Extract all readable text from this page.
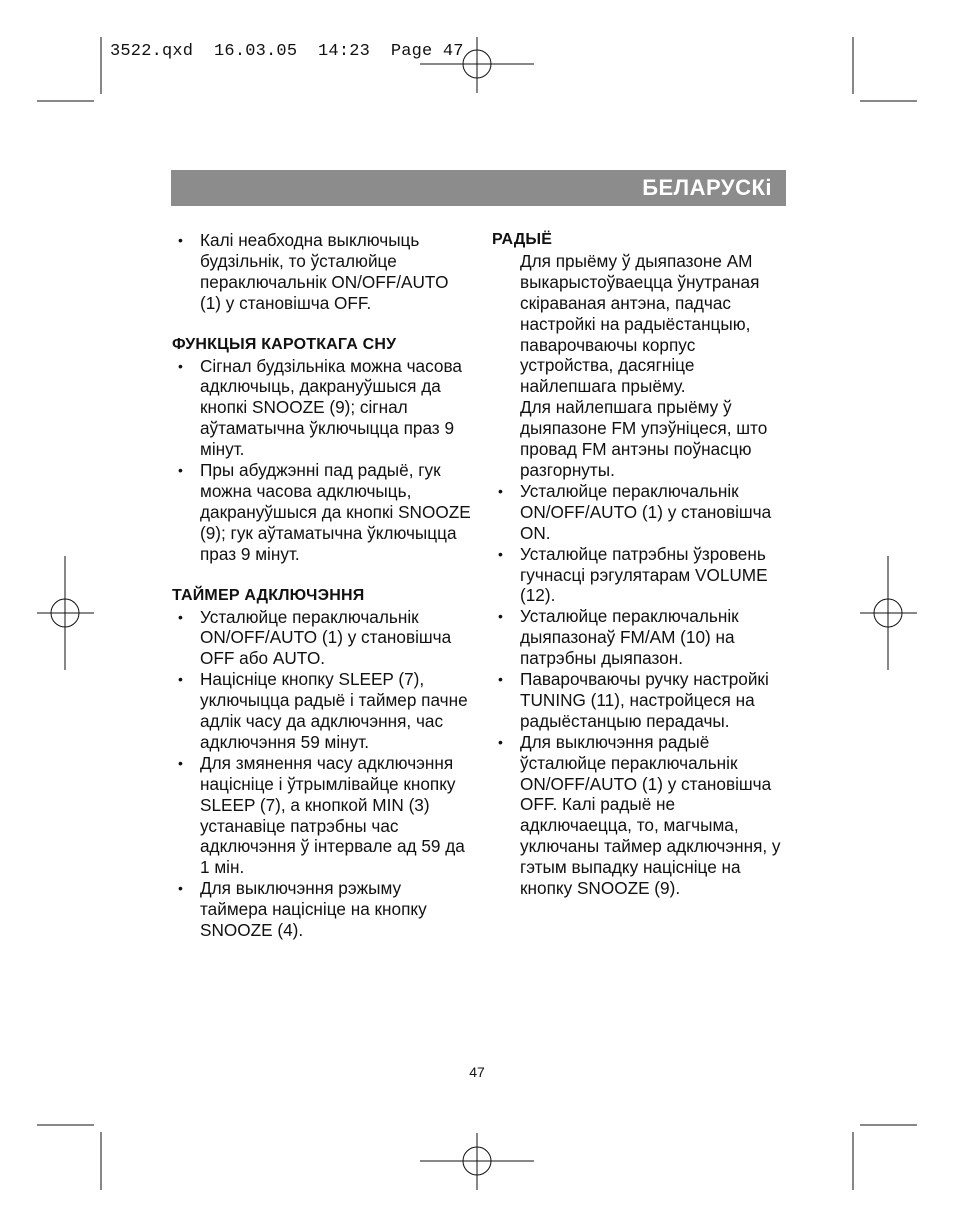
3522.qxd  16.03.05  14:23  Page 47
БЕЛАРУСКі
• Калі неабходна выключыць будзільнік, то ўсталюйце пераключальнік ON/OFF/AUTO (1) у становішча OFF.

ФУНКЦЫЯ КАРОТКАГА СНУ

• Сігнал будзільніка можна часова адключыць, дакрануўшыся да кнопкі SNOOZE (9); сігнал аўтаматычна ўключыцца праз 9 мінут.
• Пры абуджэнні пад радыё, гук можна часова адключыць, дакрануўшыся да кнопкі SNOOZE (9); гук аўтаматычна ўключыцца праз 9 мінут.

ТАЙМЕР АДКЛЮЧЭННЯ

• Усталюйце пераключальнік ON/OFF/AUTO (1) у становішча OFF або AUTO.
• Націсніце кнопку SLEEP (7), уключыцца радыё і таймер пачне адлік часу да адключэння, час адключэння 59 мінут.
• Для змянення часу адключэння націсніце і ўтрымлівайце кнопку SLEEP (7), а кнопкой MIN (3) устанавіце патрэбны час адключэння ў інтервале ад 59 да 1 мін.
• Для выключэння рэжыму таймера націсніце на кнопку SNOOZE (4).

РАДЫЁ

Для прыёму ў дыяпазоне AM выкарыстоўваецца ўнутраная скіраваная антэна, падчас настройкі на радыёстанцыю, паварочваючы корпус устройства, дасягніце найлепшага прыёму.

Для найлепшага прыёму ў дыяпазоне FM упэўніцеся, што провад FM антэны поўнасцю разгорнуты.

• Усталюйце пераключальнік ON/OFF/AUTO (1) у становішча ON.
• Усталюйце патрэбны ўзровень гучнасці рэгулятарам VOLUME (12).
• Усталюйце пераключальнік дыяпазонаў FM/AM (10) на патрэбны дыяпазон.
• Паварочваючы ручку настройкі TUNING (11), настройцеся на радыёстанцыю перадачы.
• Для выключэння радыё ўсталюйце пераключальнік ON/OFF/AUTO (1) у становішча OFF. Калі радыё не адключаецца, то, магчыма, уключаны таймер адключэння, у гэтым выпадку націсніце на кнопку SNOOZE (9).
47
